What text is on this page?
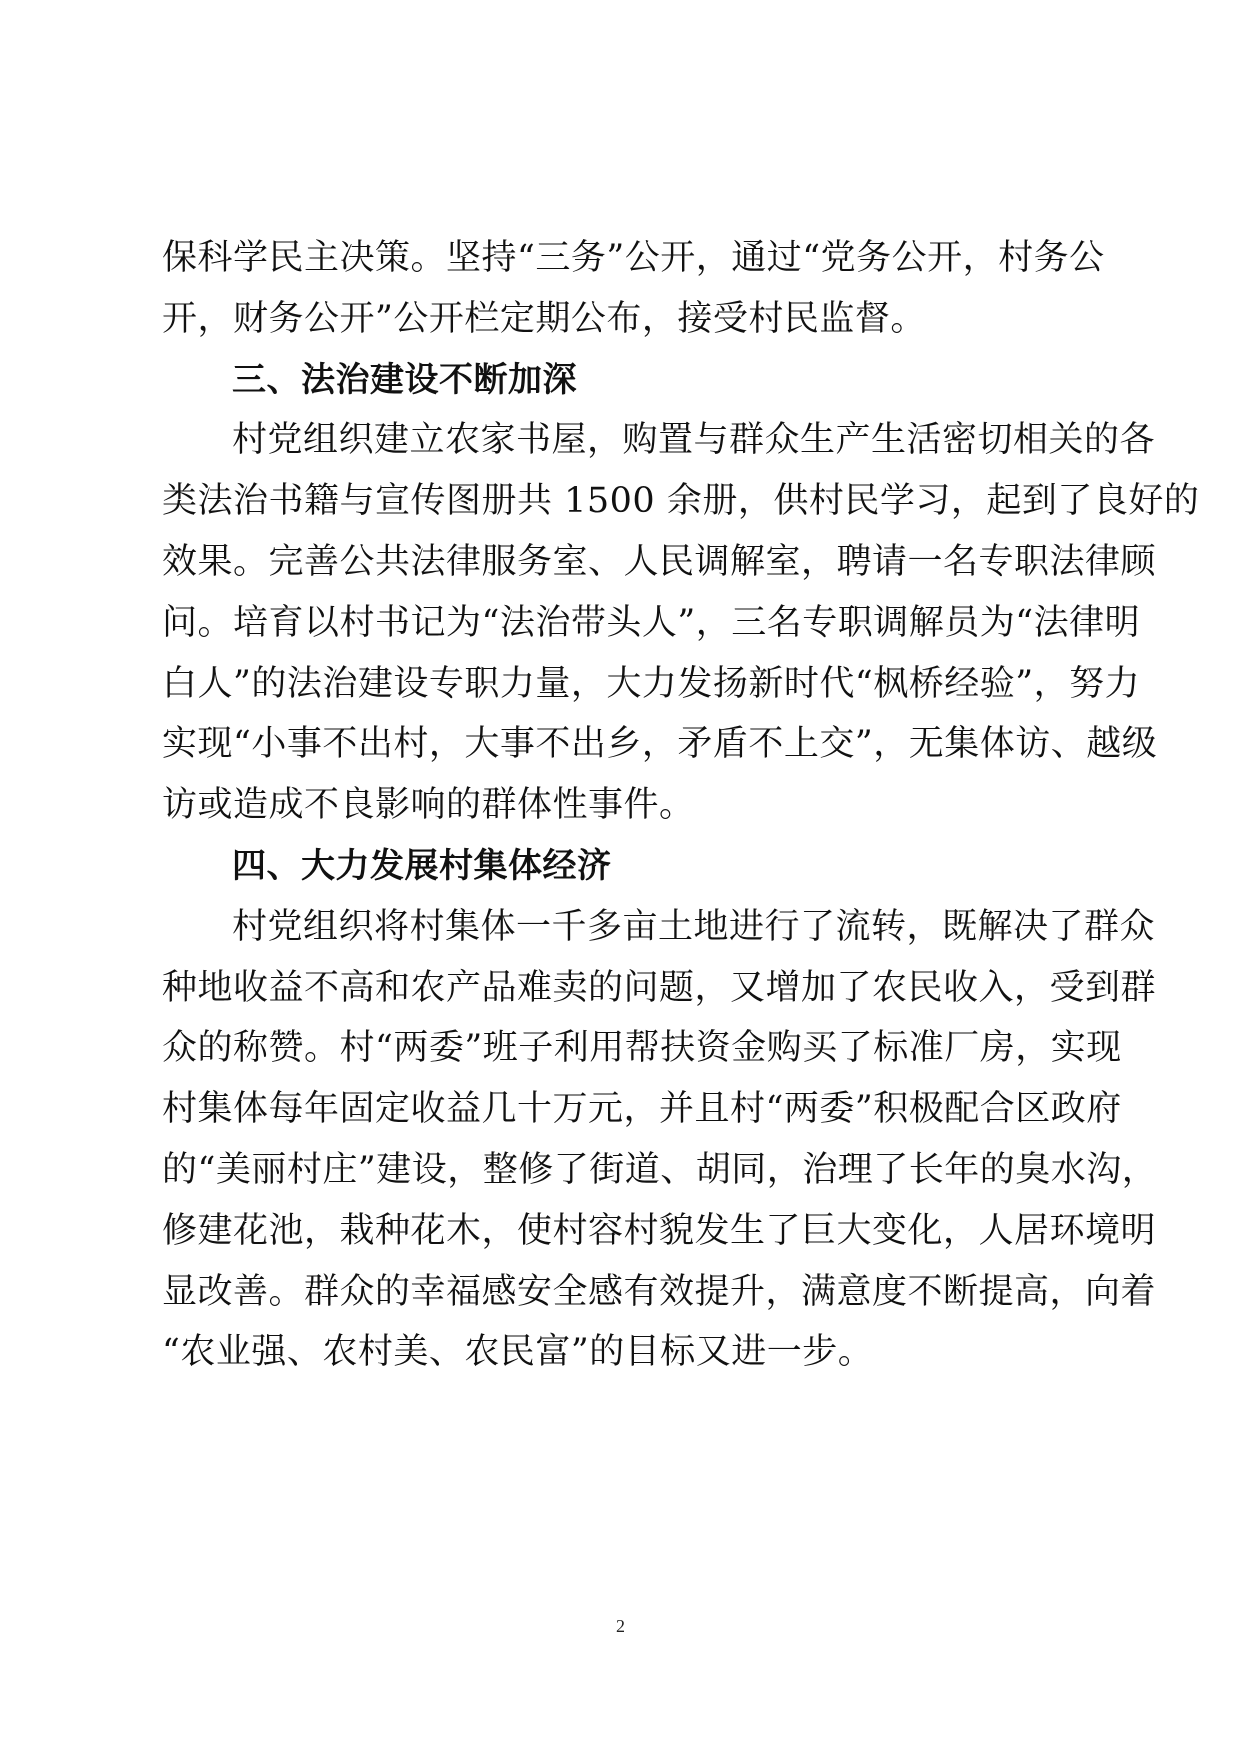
保科学民主决策。坚持“三务”公开，通过“党务公开，村务公
开，财务公开”公开栏定期公布，接受村民监督。
三、法治建设不断加深
村党组织建立农家书屋，购置与群众生产生活密切相关的各
类法治书籍与宣传图册共 1500 余册，供村民学习，起到了良好的
效果。完善公共法律服务室、人民调解室，聘请一名专职法律顾
问。培育以村书记为“法治带头人”，三名专职调解员为“法律明
白人”的法治建设专职力量，大力发扬新时代“枫桥经验”，努力
实现“小事不出村，大事不出乡，矛盾不上交”，无集体访、越级
访或造成不良影响的群体性事件。
四、大力发展村集体经济
村党组织将村集体一千多亩土地进行了流转，既解决了群众
种地收益不高和农产品难卖的问题，又增加了农民收入，受到群
众的称赞。村“两委”班子利用帮扶资金购买了标准厂房，实现
村集体每年固定收益几十万元，并且村“两委”积极配合区政府
的“美丽村庄”建设，整修了街道、胡同，治理了长年的臭水沟，
修建花池，栽种花木，使村容村貌发生了巨大变化，人居环境明
显改善。群众的幸福感安全感有效提升，满意度不断提高，向着
“农业强、农村美、农民富”的目标又进一步。
2
